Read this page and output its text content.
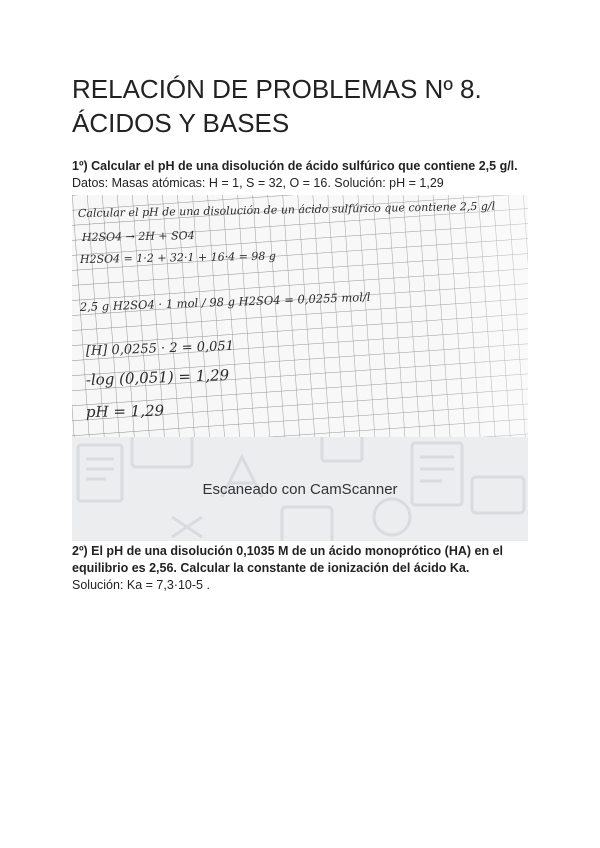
RELACIÓN DE PROBLEMAS Nº 8.
ÁCIDOS Y BASES
1º) Calcular el pH de una disolución de ácido sulfúrico que contiene 2,5 g/l. Datos: Masas atómicas: H = 1, S = 32, O = 16. Solución: pH = 1,29
Calcular el pH de una disolución de un ácido sulfúrico que contiene 2,5 g/l
H2SO4 → 2H + SO4
H2SO4 = 1·2 + 32·1 + 16·4 = 98 g
2,5 g H2SO4 · 1 mol / 98 g H2SO4 = 0,0255 mol/l
[H] 0,0255 · 2 = 0,051
-log (0,051) = 1,29
pH = 1,29
Escaneado con CamScanner
2º) El pH de una disolución 0,1035 M de un ácido monoprótico (HA) en el equilibrio es 2,56. Calcular la constante de ionización del ácido Ka.
Solución: Ka = 7,3·10-5 .
